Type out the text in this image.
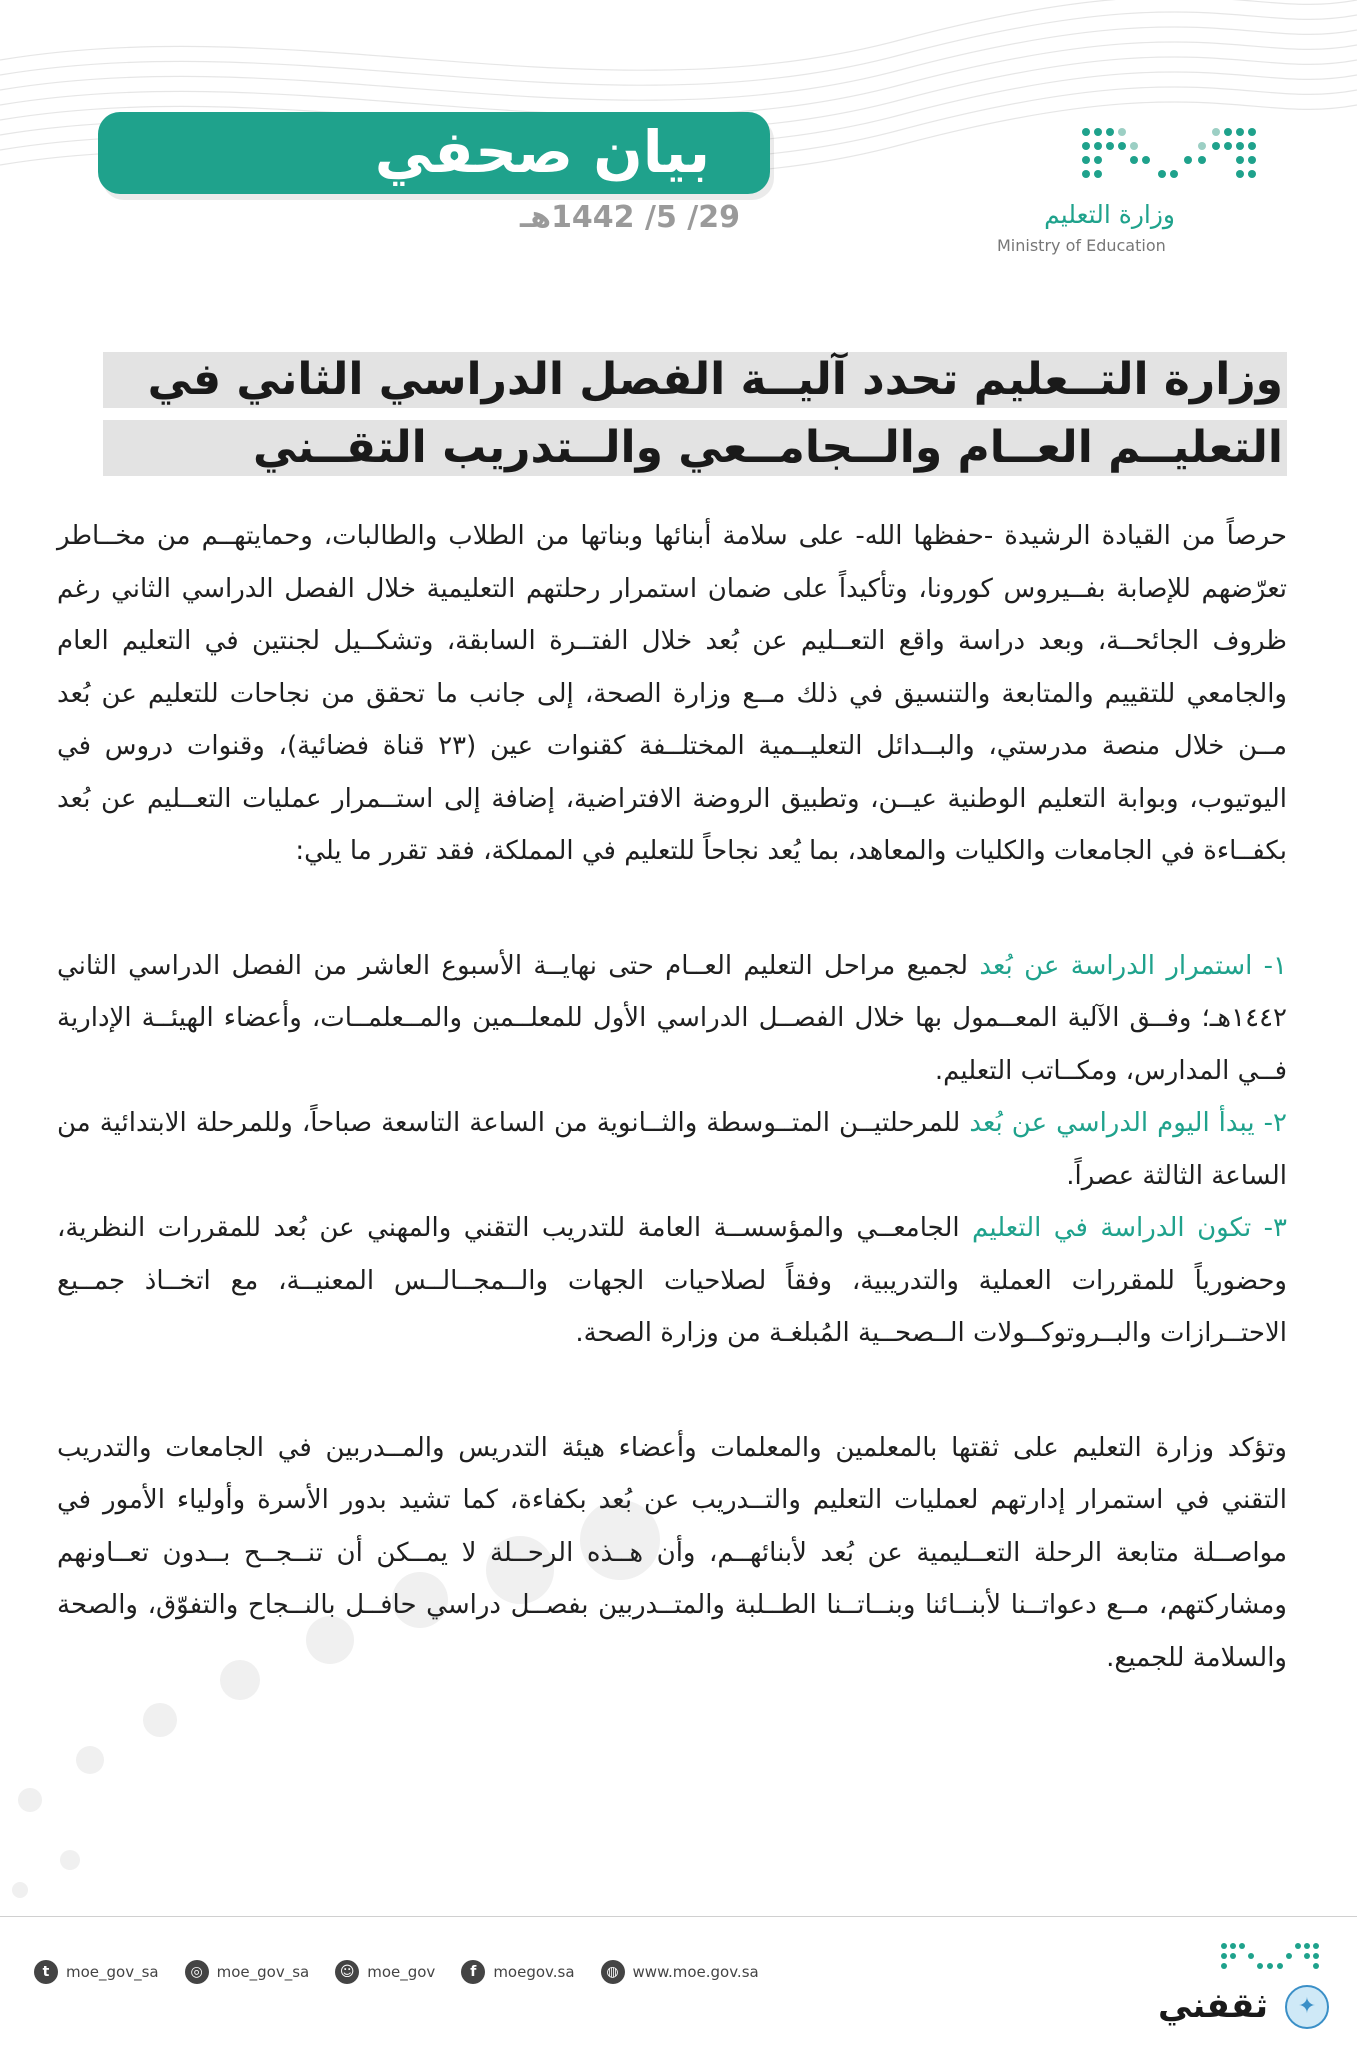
بيان صحفي
29/ 5/ 1442هـ	وزارة التعليم
Ministry of Education
وزارة التــعليم تحدد آليــة الفصل الدراسي الثاني في
التعليــم العــام والــجامــعي والــتدريب التقــني

حرصاً من القيادة الرشيدة -حفظها الله- على سلامة أبنائها وبناتها من الطلاب والطالبات، وحمايتهــم من مخــاطر تعرّضهم للإصابة بفــيروس كورونا، وتأكيداً على ضمان استمرار رحلتهم التعليمية خلال الفصل الدراسي الثاني رغم ظروف الجائحــة، وبعد دراسة واقع التعــليم عن بُعد خلال الفتــرة السابقة، وتشكــيل لجنتين في التعليم العام والجامعي للتقييم والمتابعة والتنسيق في ذلك مــع وزارة الصحة، إلى جانب ما تحقق من نجاحات للتعليم عن بُعد مــن خلال منصة مدرستي، والبــدائل التعليــمية المختلــفة كقنوات عين (٢٣ قناة فضائية)، وقنوات دروس في اليوتيوب، وبوابة التعليم الوطنية عيــن، وتطبيق الروضة الافتراضية، إضافة إلى استــمرار عمليات التعــليم عن بُعد بكفــاءة في الجامعات والكليات والمعاهد، بما يُعد نجاحاً للتعليم في المملكة، فقد تقرر ما يلي:

١- استمرار الدراسة عن بُعد لجميع مراحل التعليم العــام حتى نهايــة الأسبوع العاشر من الفصل الدراسي الثاني ١٤٤٢هـ؛ وفــق الآلية المعــمول بها خلال الفصــل الدراسي الأول للمعلــمين والمــعلمــات، وأعضاء الهيئــة الإدارية فــي المدارس، ومكــاتب التعليم.

٢- يبدأ اليوم الدراسي عن بُعد للمرحلتيــن المتــوسطة والثــانوية من الساعة التاسعة صباحاً، وللمرحلة الابتدائية من الساعة الثالثة عصراً.

٣- تكون الدراسة في التعليم الجامعــي والمؤسســة العامة للتدريب التقني والمهني عن بُعد للمقررات النظرية، وحضورياً للمقررات العملية والتدريبية، وفقاً لصلاحيات الجهات والــمجــالــس المعنيــة، مع اتخــاذ جمــيع الاحتــرازات والبــروتوكــولات الــصحــية المُبلغـة من وزارة الصحة.

وتؤكد وزارة التعليم على ثقتها بالمعلمين والمعلمات وأعضاء هيئة التدريس والمــدربين في الجامعات والتدريب التقني في استمرار إدارتهم لعمليات التعليم والتــدريب عن بُعد بكفاءة، كما تشيد بدور الأسرة وأولياء الأمور في مواصــلة متابعة الرحلة التعــليمية عن بُعد لأبنائهــم، وأن هــذه الرحــلة لا يمــكن أن تنــجــح بــدون تعــاونهم ومشاركتهم، مــع دعواتــنا لأبنــائنا وبنــاتــنا الطــلبة والمتــدربين بفصــل دراسي حافــل بالنــجاح والتفوّق، والصحة والسلامة للجميع.

t	moe_gov_sa	◎ moe_gov_sa	☺ moe_gov	f	moegov.sa	◍ www.moe.gov.sa
ثقفني	✦
